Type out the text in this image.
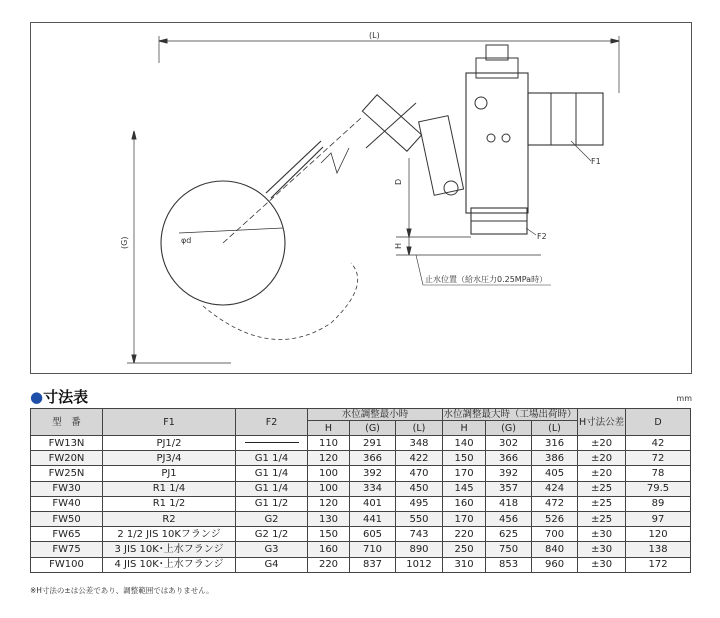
(L)
(G)
D
H
φd
F1
F2
止水位置（給水圧力0.25MPa時）
●寸法表	mm
型　番	F1	F2	水位調整最小時			水位調整最大時（工場出荷時）			H寸法公差	D
			H	(G)	(L)	H	(G)	(L)		
FW13N	PJ1/2		110	291	348	140	302	316	±20	42
FW20N	PJ3/4	G1 1/4	120	366	422	150	366	386	±20	72
FW25N	PJ1	G1 1/4	100	392	470	170	392	405	±20	78
FW30	R1 1/4	G1 1/4	100	334	450	145	357	424	±25	79.5
FW40	R1 1/2	G1 1/2	120	401	495	160	418	472	±25	89
FW50	R2	G2	130	441	550	170	456	526	±25	97
FW65	2 1/2 JIS 10Kフランジ	G2 1/2	150	605	743	220	625	700	±30	120
FW75	3 JIS 10K･上水フランジ	G3	160	710	890	250	750	840	±30	138
FW100	4 JIS 10K･上水フランジ	G4	220	837	1012	310	853	960	±30	172
※H寸法の±は公差であり、調整範囲ではありません。
